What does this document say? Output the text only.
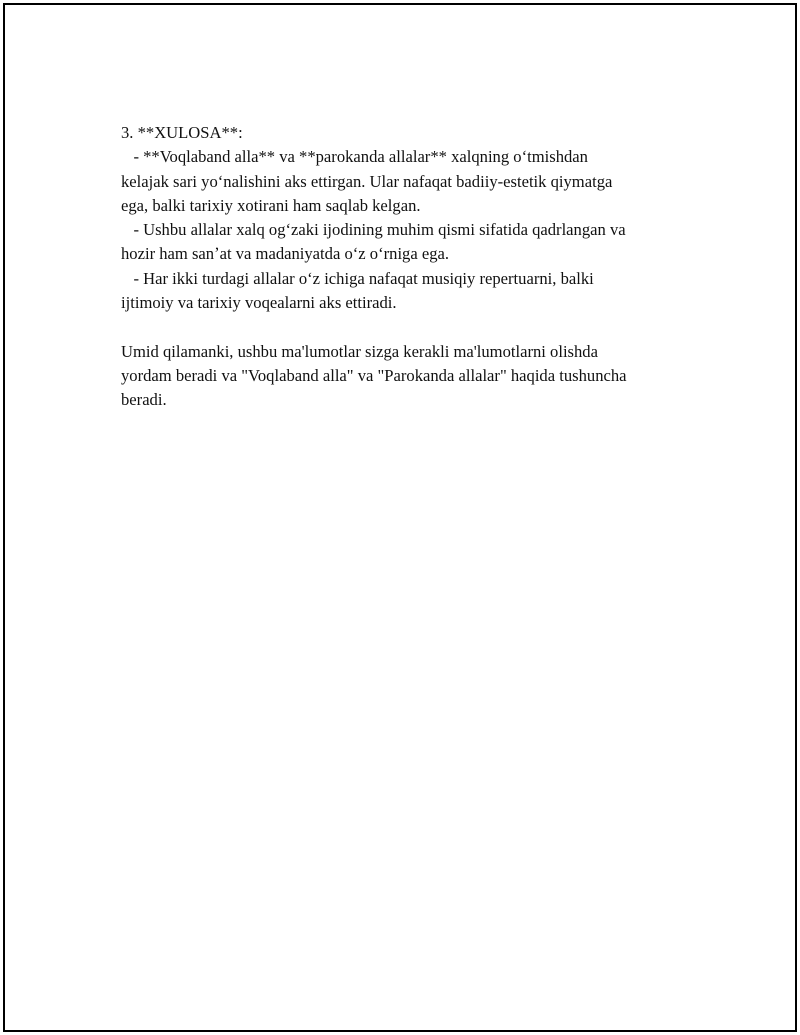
3. **XULOSA**:
- **Voqlaband alla** va **parokanda allalar** xalqning oʻtmishdan
kelajak sari yoʻnalishini aks ettirgan. Ular nafaqat badiiy-estetik qiymatga
ega, balki tarixiy xotirani ham saqlab kelgan.
- Ushbu allalar xalq ogʻzaki ijodining muhim qismi sifatida qadrlangan va
hozir ham sanʼat va madaniyatda oʻz oʻrniga ega.
- Har ikki turdagi allalar oʻz ichiga nafaqat musiqiy repertuarni, balki
ijtimoiy va tarixiy voqealarni aks ettiradi.
Umid qilamanki, ushbu ma'lumotlar sizga kerakli ma'lumotlarni olishda
yordam beradi va "Voqlaband alla" va "Parokanda allalar" haqida tushuncha
beradi.
